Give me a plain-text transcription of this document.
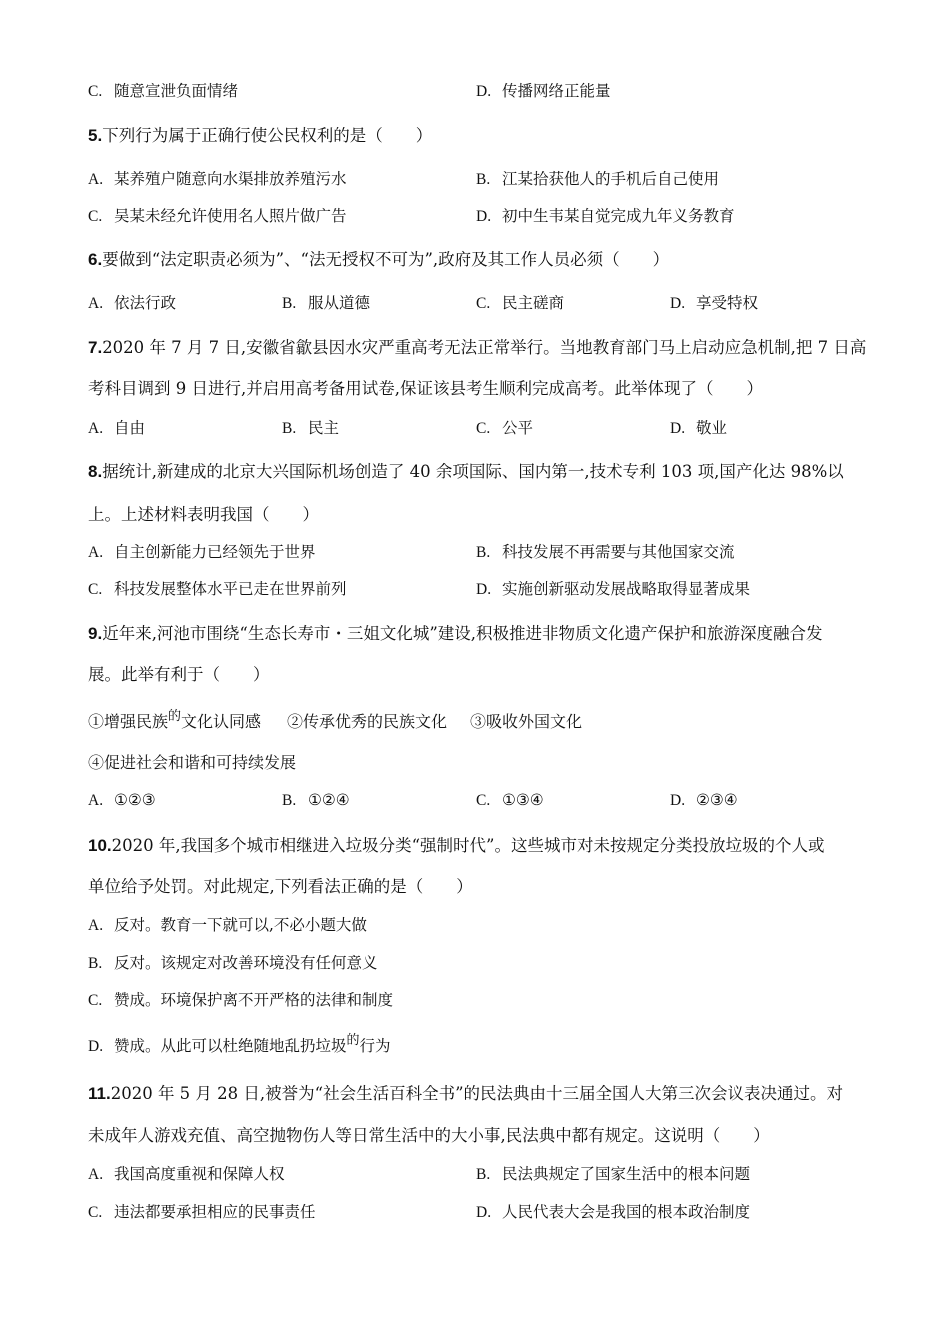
C. 随意宣泄负面情绪	D. 传播网络正能量
5.下列行为属于正确行使公民权利的是（　　）
A. 某养殖户随意向水渠排放养殖污水	B. 江某拾获他人的手机后自己使用
C. 吴某未经允许使用名人照片做广告	D. 初中生韦某自觉完成九年义务教育
6.要做到“法定职责必须为”、“法无授权不可为”,政府及其工作人员必须（　　）
A. 依法行政	B. 服从道德	C. 民主磋商	D. 享受特权
7.2020 年 7 月 7 日,安徽省歙县因水灾严重高考无法正常举行。当地教育部门马上启动应急机制,把 7 日高
考科目调到 9 日进行,并启用高考备用试卷,保证该县考生顺利完成高考。此举体现了（　　）
A. 自由	B. 民主	C. 公平	D. 敬业
8.据统计,新建成的北京大兴国际机场创造了 40 余项国际、国内第一,技术专利 103 项,国产化达 98%以
上。上述材料表明我国（　　）
A. 自主创新能力已经领先于世界	B. 科技发展不再需要与其他国家交流
C. 科技发展整体水平已走在世界前列	D. 实施创新驱动发展战略取得显著成果
9.近年来,河池市围绕“生态长寿市・三姐文化城”建设,积极推进非物质文化遗产保护和旅游深度融合发
展。此举有利于（　　）
①增强民族$^的$文化认同感 ②传承优秀的民族文化 ③吸收外国文化
④促进社会和谐和可持续发展
A. ①②③	B. ①②④	C. ①③④	D. ②③④
10.2020 年,我国多个城市相继进入垃圾分类“强制时代”。这些城市对未按规定分类投放垃圾的个人或
单位给予处罚。对此规定,下列看法正确的是（　　）
A. 反对。教育一下就可以,不必小题大做
B. 反对。该规定对改善环境没有任何意义
C. 赞成。环境保护离不开严格的法律和制度
D. 赞成。从此可以杜绝随地乱扔垃圾$^的$行为
11.2020 年 5 月 28 日,被誉为“社会生活百科全书”的民法典由十三届全国人大第三次会议表决通过。对
未成年人游戏充值、高空抛物伤人等日常生活中的大小事,民法典中都有规定。这说明（　　）
A. 我国高度重视和保障人权	B. 民法典规定了国家生活中的根本问题
C. 违法都要承担相应的民事责任	D. 人民代表大会是我国的根本政治制度
